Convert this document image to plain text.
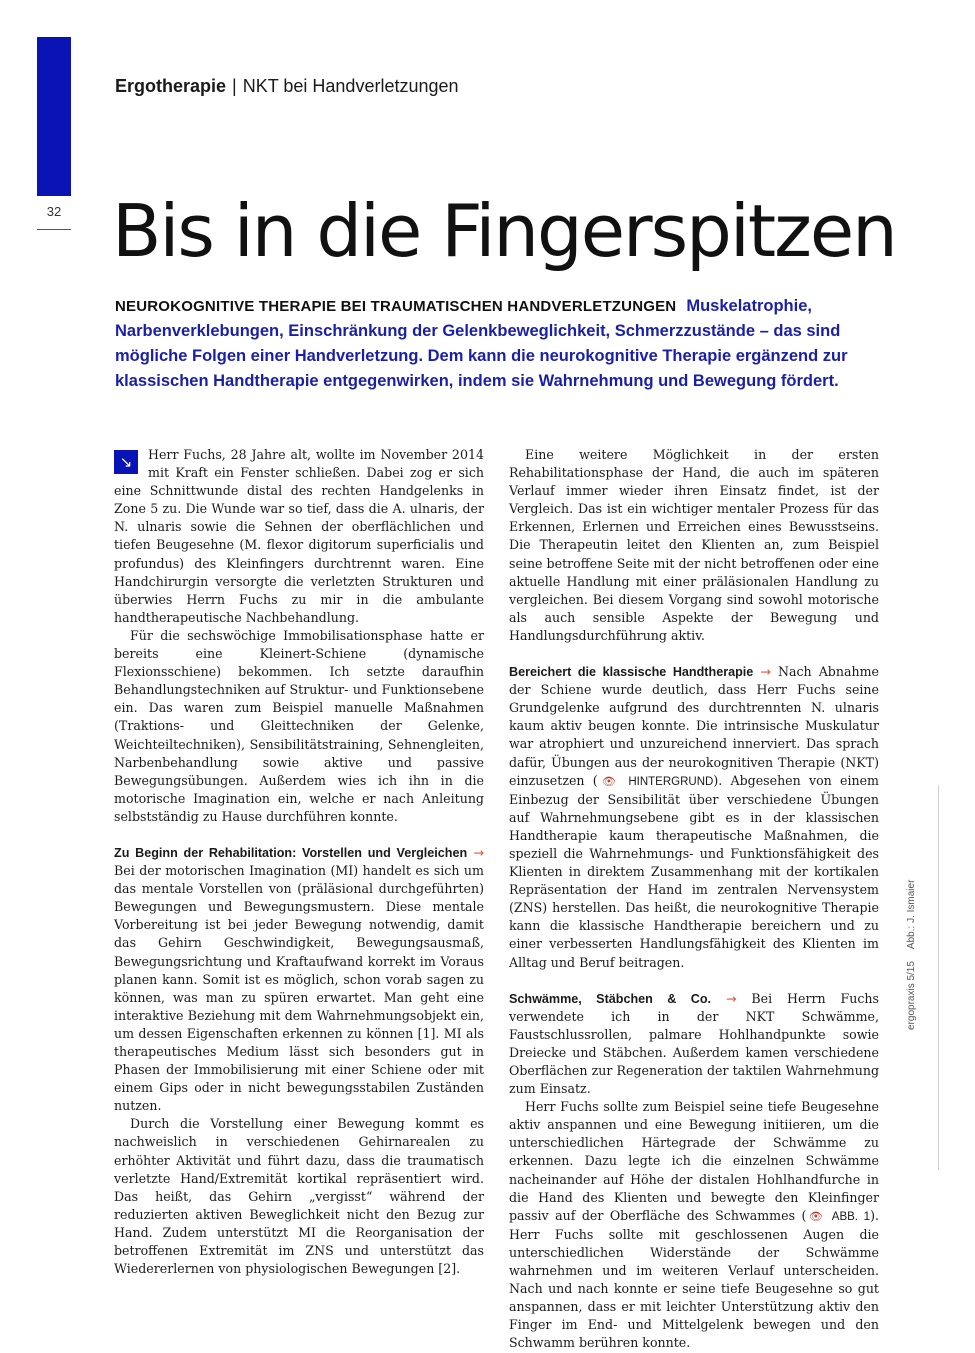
32
Ergotherapie | NKT bei Handverletzungen
Bis in die Fingerspitzen

NEUROKOGNITIVE THERAPIE BEI TRAUMATISCHEN HANDVERLETZUNGEN Muskelatrophie, Narbenverklebungen, Einschränkung der Gelenkbeweglichkeit, Schmerzzustände – das sind mögliche Folgen einer Handverletzung. Dem kann die neurokognitive Therapie ergänzend zur klassischen Handtherapie entgegenwirken, indem sie Wahrnehmung und Bewegung fördert.

↘	Herr Fuchs, 28 Jahre alt, wollte im November 2014 mit Kraft ein Fenster schließen. Dabei zog er sich eine Schnittwunde distal des rechten Handgelenks in Zone 5 zu. Die Wunde war so tief, dass die A. ulnaris, der N. ulnaris sowie die Sehnen der oberflächlichen und tiefen Beugesehne (M. flexor digitorum superficialis und profundus) des Kleinfingers durchtrennt waren. Eine Handchirurgin versorgte die verletzten Strukturen und überwies Herrn Fuchs zu mir in die ambulante handtherapeutische Nachbehandlung.

Für die sechswöchige Immobilisationsphase hatte er bereits eine Kleinert-Schiene (dynamische Flexionsschiene) bekommen. Ich setzte daraufhin Behandlungstechniken auf Struktur- und Funktionsebene ein. Das waren zum Beispiel manuelle Maßnahmen (Traktions- und Gleittechniken der Gelenke, Weichteiltechniken), Sensibilitätstraining, Sehnengleiten, Narbenbehandlung sowie aktive und passive Bewegungsübungen. Außerdem wies ich ihn in die motorische Imagination ein, welche er nach Anleitung selbstständig zu Hause durchführen konnte.

Zu Beginn der Rehabilitation: Vorstellen und Vergleichen → Bei der motorischen Imagination (MI) handelt es sich um das mentale Vorstellen von (präläsional durchgeführten) Bewegungen und Bewegungsmustern. Diese mentale Vorbereitung ist bei jeder Bewegung notwendig, damit das Gehirn Geschwindigkeit, Bewegungsausmaß, Bewegungsrichtung und Kraftaufwand korrekt im Voraus planen kann. Somit ist es möglich, schon vorab sagen zu können, was man zu spüren erwartet. Man geht eine interaktive Beziehung mit dem Wahrnehmungsobjekt ein, um dessen Eigenschaften erkennen zu können [1]. MI als therapeutisches Medium lässt sich besonders gut in Phasen der Immobilisierung mit einer Schiene oder mit einem Gips oder in nicht bewegungsstabilen Zuständen nutzen.

Durch die Vorstellung einer Bewegung kommt es nachweislich in verschiedenen Gehirnarealen zu erhöhter Aktivität und führt dazu, dass die traumatisch verletzte Hand/Extremität kortikal repräsentiert wird. Das heißt, das Gehirn „vergisst“ während der reduzierten aktiven Beweglichkeit nicht den Bezug zur Hand. Zudem unterstützt MI die Reorganisation der betroffenen Extremität im ZNS und unterstützt das Wiedererlernen von physiologischen Bewegungen [2].

Eine weitere Möglichkeit in der ersten Rehabilitationsphase der Hand, die auch im späteren Verlauf immer wieder ihren Einsatz findet, ist der Vergleich. Das ist ein wichtiger mentaler Prozess für das Erkennen, Erlernen und Erreichen eines Bewusstseins. Die Therapeutin leitet den Klienten an, zum Beispiel seine betroffene Seite mit der nicht betroffenen oder eine aktuelle Handlung mit einer präläsionalen Handlung zu vergleichen. Bei diesem Vorgang sind sowohl motorische als auch sensible Aspekte der Bewegung und Handlungsdurchführung aktiv.

Bereichert die klassische Handtherapie → Nach Abnahme der Schiene wurde deutlich, dass Herr Fuchs seine Grundgelenke aufgrund des durchtrennten N. ulnaris kaum aktiv beugen konnte. Die intrinsische Muskulatur war atrophiert und unzureichend innerviert. Das sprach dafür, Übungen aus der neurokognitiven Therapie (NKT) einzusetzen (👁 HINTERGRUND). Abgesehen von einem Einbezug der Sensibilität über verschiedene Übungen auf Wahrnehmungsebene gibt es in der klassischen Handtherapie kaum therapeutische Maßnahmen, die speziell die Wahrnehmungs- und Funktionsfähigkeit des Klienten in direktem Zusammenhang mit der kortikalen Repräsentation der Hand im zentralen Nervensystem (ZNS) herstellen. Das heißt, die neurokognitive Therapie kann die klassische Handtherapie bereichern und zu einer verbesserten Handlungsfähigkeit des Klienten im Alltag und Beruf beitragen.

Schwämme, Stäbchen & Co. → Bei Herrn Fuchs verwendete ich in der NKT Schwämme, Faustschlussrollen, palmare Hohlhandpunkte sowie Dreiecke und Stäbchen. Außerdem kamen verschiedene Oberflächen zur Regeneration der taktilen Wahrnehmung zum Einsatz.

Herr Fuchs sollte zum Beispiel seine tiefe Beugesehne aktiv anspannen und eine Bewegung initiieren, um die unterschiedlichen Härtegrade der Schwämme zu erkennen. Dazu legte ich die einzelnen Schwämme nacheinander auf Höhe der distalen Hohlhandfurche in die Hand des Klienten und bewegte den Kleinfinger passiv auf der Oberfläche des Schwammes (👁 ABB. 1). Herr Fuchs sollte mit geschlossenen Augen die unterschiedlichen Widerstände der Schwämme wahrnehmen und im weiteren Verlauf unterscheiden. Nach und nach konnte er seine tiefe Beugesehne so gut anspannen, dass er mit leichter Unterstützung aktiv den Finger im End- und Mittelgelenk bewegen und den Schwamm berühren konnte.

ergopraxis 5/15Abb.: J. Ismaier
